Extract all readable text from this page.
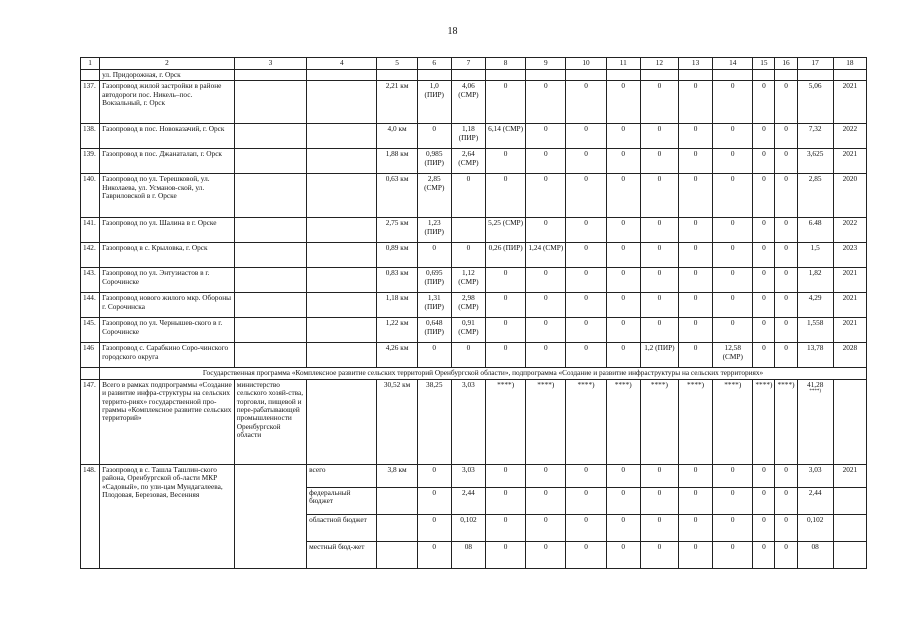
18
1	2	3	4	5	6	7	8	9	10	11	12	13	14	15	16	17	18
	ул. Придорожная, г. Орск																
137.	Газопровод жилой застройки в районе автодороги пос. Никель–пос. Вокзальный, г. Орск			2,21 км	1,0 (ПИР)	4,06 (СМР)	0	0	0	0	0	0	0	0	0	5,06	2021
138.	Газопровод в пос. Новоказачий, г. Орск			4,0 км	0	1,18 (ПИР)	6,14 (СМР)	0	0	0	0	0	0	0	0	7,32	2022
139.	Газопровод в пос. Джанаталап, г. Орск			1,88 км	0,985 (ПИР)	2,64 (СМР)	0	0	0	0	0	0	0	0	0	3,625	2021
140.	Газопровод по ул. Терешковой, ул. Николаева, ул. Усманов-ской, ул. Гавриловской в г. Орске			0,63 км	2,85 (СМР)	0	0	0	0	0	0	0	0	0	0	2,85	2020
141.	Газопровод по ул. Шалина в г. Орске			2,75 км	1,23 (ПИР)		5,25 (СМР)	0	0	0	0	0	0	0	0	6.48	2022
142.	Газопровод в с. Крыловка, г. Орск			0,89 км	0	0	0,26 (ПИР)	1,24 (СМР)	0	0	0	0	0	0	0	1,5	2023
143.	Газопровод по ул. Энтузиастов в г. Сорочинске			0,83 км	0,695 (ПИР)	1,12 (СМР)	0	0	0	0	0	0	0	0	0	1,82	2021
144.	Газопровод нового жилого мкр. Обороны г. Сорочинска			1,18 км	1,31 (ПИР)	2,98 (СМР)	0	0	0	0	0	0	0	0	0	4,29	2021
145.	Газопровод по ул. Чернышев-ского в г. Сорочинске			1,22 км	0,648 (ПИР)	0,91 (СМР)	0	0	0	0	0	0	0	0	0	1,558	2021
146	Газопровод с. Сарабкино Соро-чинского городского округа			4,26 км	0	0	0	0	0	0	1,2 (ПИР)	0	12,58 (СМР)	0	0	13,78	2028
	Государственная программа «Комплексное развитие сельских территорий Оренбургской области», подпрограмма «Создание и развитие инфраструктуры на сельских территориях»																
147.	Всего в рамках подпрограммы «Создание и развитие инфра-структуры на сельских террито-риях» государственной про-граммы «Комплексное развитие сельских территорий»	министерство сельского хозяй-ства, торговли, пищевой и пере-рабатывающей промышленности Оренбургской области		30,52 км	38,25	3,03	****)	****)	****)	****)	****)	****)	****)	****)	****)	41,28
****)	

148.	Газопровод в с. Ташла Ташлин-ского района, Оренбургской об-ласти МКР «Садовый», по ули-цам Мундагалеева, Плодовая, Березовая, Весенняя		всего	3,8 км	0	3,03	0	0	0	0	0	0	0	0	0	3,03	2021
			федеральный бюджет		0	2,44	0	0	0	0	0	0	0	0	0	2,44	
			областной бюджет		0	0,102	0	0	0	0	0	0	0	0	0	0,102	
			местный бюд-жет		0	08	0	0	0	0	0	0	0	0	0	08	
